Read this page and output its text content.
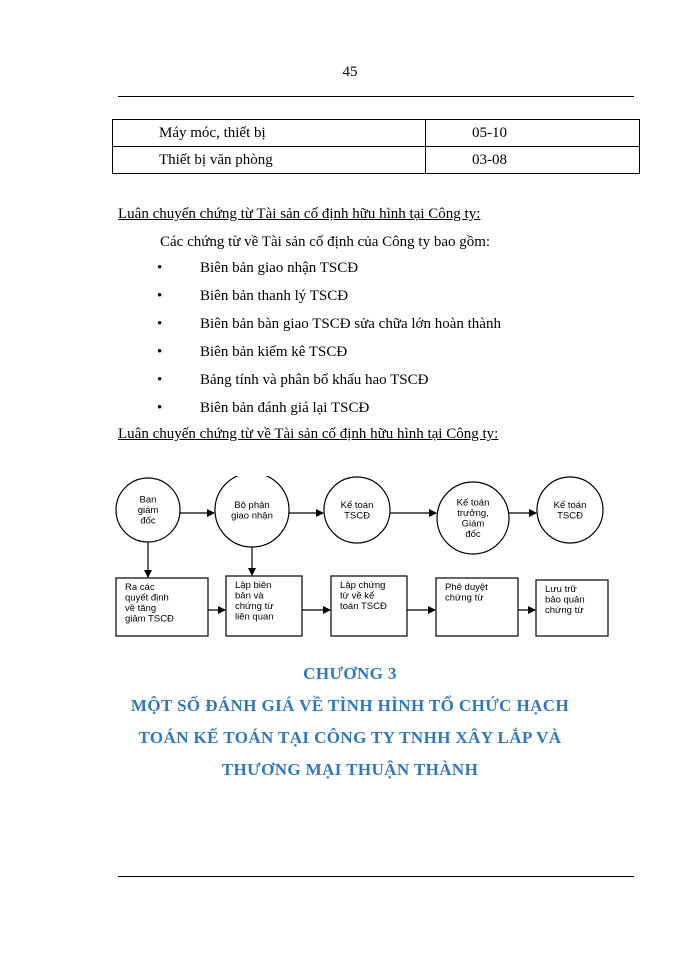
45
Máy móc, thiết bị	05-10
Thiết bị văn phòng	03-08
Luân chuyển chứng từ Tài sản cố định hữu hình tại Công ty:
Các chứng từ về Tài sản cố định của Công ty bao gồm:
•	Biên bản giao nhận TSCĐ
•	Biên bản thanh lý TSCĐ
•	Biên bản bàn giao TSCĐ sửa chữa lớn hoàn thành
•	Biên bản kiểm kê TSCĐ
•	Bảng tính và phân bổ khấu hao TSCĐ
•	Biên bản đánh giá lại TSCĐ
Luân chuyển chứng từ về Tài sản cố định hữu hình tại Công ty:
Ban giám đốc
Bộ phận giao nhận
Kế toán TSCĐ
Kế toán trưởng, Giám đốc
Kế toán TSCĐ
Ra các quyết định về tăng giảm TSCĐ
Lập biên bản và chứng từ liên quan
Lập chứng từ về kế toán TSCĐ
Phê duyệt chứng từ
Lưu trữ bảo quản chứng từ
CHƯƠNG 3
MỘT SỐ ĐÁNH GIÁ VỀ TÌNH HÌNH TỔ CHỨC HẠCH
TOÁN KẾ TOÁN TẠI CÔNG TY TNHH XÂY LẮP VÀ
THƯƠNG MẠI THUẬN THÀNH
